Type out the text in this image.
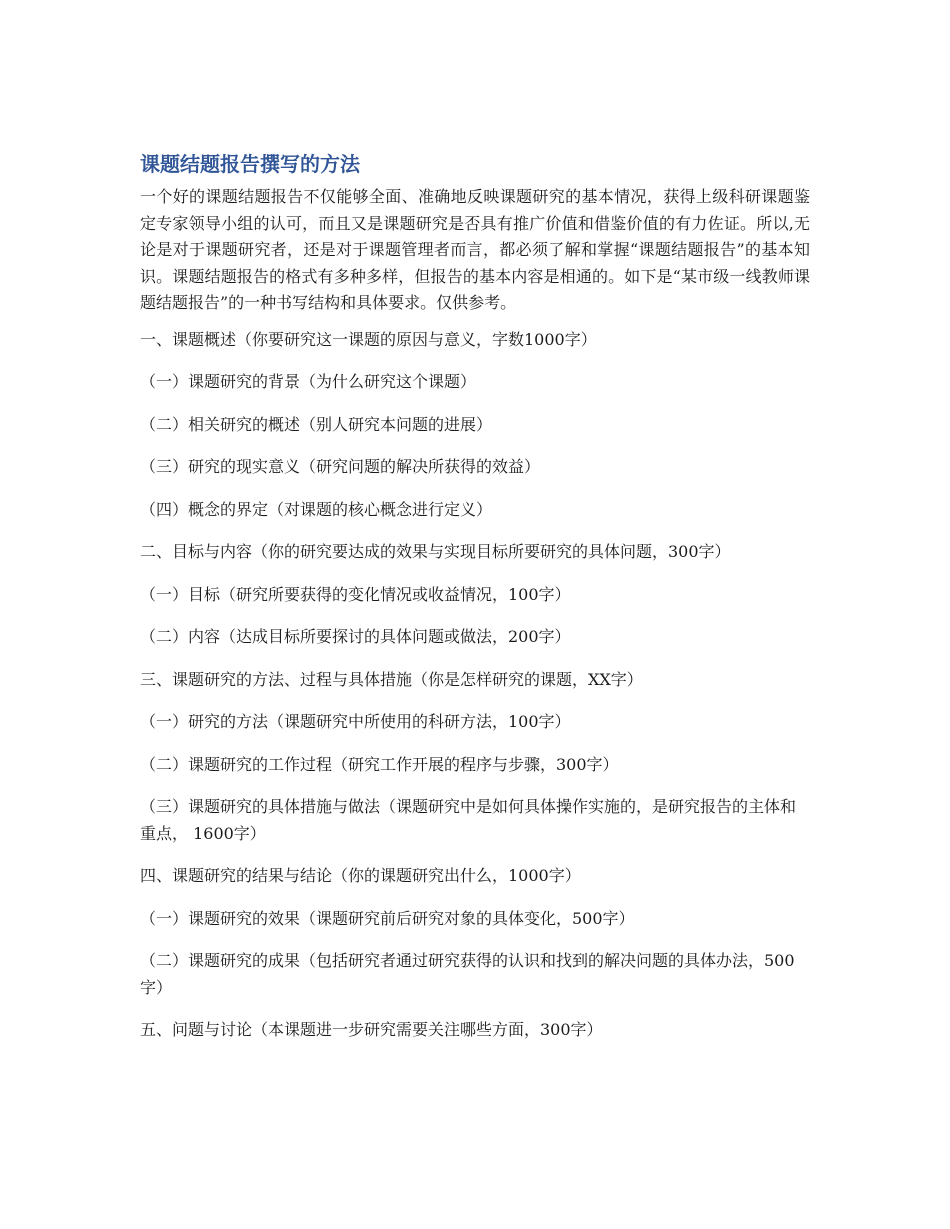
课题结题报告撰写的方法

一个好的课题结题报告不仅能够全面、准确地反映课题研究的基本情况，获得上级科研课题鉴定专家领导小组的认可，而且又是课题研究是否具有推广价值和借鉴价值的有力佐证。所以,无论是对于课题研究者，还是对于课题管理者而言，都必须了解和掌握“课题结题报告”的基本知识。课题结题报告的格式有多种多样，但报告的基本内容是相通的。如下是“某市级一线教师课题结题报告”的一种书写结构和具体要求。仅供参考。

一、课题概述（你要研究这一课题的原因与意义，字数1000字）
（一）课题研究的背景（为什么研究这个课题）
（二）相关研究的概述（别人研究本问题的进展）
（三）研究的现实意义（研究问题的解决所获得的效益）
（四）概念的界定（对课题的核心概念进行定义）
二、目标与内容（你的研究要达成的效果与实现目标所要研究的具体问题，300字）
（一）目标（研究所要获得的变化情况或收益情况，100字）
（二）内容（达成目标所要探讨的具体问题或做法，200字）
三、课题研究的方法、过程与具体措施（你是怎样研究的课题，XX字）
（一）研究的方法（课题研究中所使用的科研方法，100字）
（二）课题研究的工作过程（研究工作开展的程序与步骤，300字）
（三）课题研究的具体措施与做法（课题研究中是如何具体操作实施的，是研究报告的主体和重点， 1600字）
四、课题研究的结果与结论（你的课题研究出什么，1000字）
（一）课题研究的效果（课题研究前后研究对象的具体变化，500字）
（二）课题研究的成果（包括研究者通过研究获得的认识和找到的解决问题的具体办法，500字）
五、问题与讨论（本课题进一步研究需要关注哪些方面，300字）
